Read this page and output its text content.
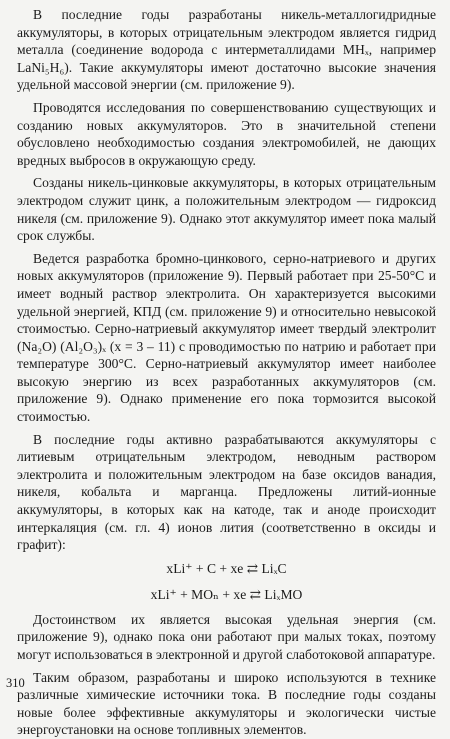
В последние годы разработаны никель-металлогидридные аккумуляторы, в которых отрицательным электродом является гидрид металла (соединение водорода с интерметаллидами MHₓ, например LaNi₅H₆). Такие аккумуляторы имеют достаточно высокие значения удельной массовой энергии (см. приложение 9).

Проводятся исследования по совершенствованию существующих и созданию новых аккумуляторов. Это в значительной степени обусловлено необходимостью создания электромобилей, не дающих вредных выбросов в окружающую среду.

Созданы никель-цинковые аккумуляторы, в которых отрицательным электродом служит цинк, а положительным электродом — гидроксид никеля (см. приложение 9). Однако этот аккумулятор имеет пока малый срок службы.

Ведется разработка бромно-цинкового, серно-натриевого и других новых аккумуляторов (приложение 9). Первый работает при 25-50°С и имеет водный раствор электролита. Он характеризуется высокими удельной энергией, КПД (см. приложение 9) и относительно невысокой стоимостью. Серно-натриевый аккумулятор имеет твердый электролит (Na₂O) (Al₂O₃)ₓ (x = 3 – 11) с проводимостью по натрию и работает при температуре 300°С. Серно-натриевый аккумулятор имеет наиболее высокую энергию из всех разработанных аккумуляторов (см. приложение 9). Однако применение его пока тормозится высокой стоимостью.

В последние годы активно разрабатываются аккумуляторы с литиевым отрицательным электродом, неводным раствором электролита и положительным электродом на базе оксидов ванадия, никеля, кобальта и марганца. Предложены литий-ионные аккумуляторы, в которых как на катоде, так и аноде происходит интеркаляция (см. гл. 4) ионов лития (соответственно в оксиды и графит):

xLi⁺ + C + xe ⇄ LiₓC
xLi⁺ + MOₙ + xe ⇄ LiₓMO

Достоинством их является высокая удельная энергия (см. приложение 9), однако пока они работают при малых токах, поэтому могут использоваться в электронной и другой слаботоковой аппаратуре.

Таким образом, разработаны и широко используются в технике различные химические источники тока. В последние годы созданы новые более эффективные аккумуляторы и экологически чистые энергоустановки на основе топливных элементов.

310
